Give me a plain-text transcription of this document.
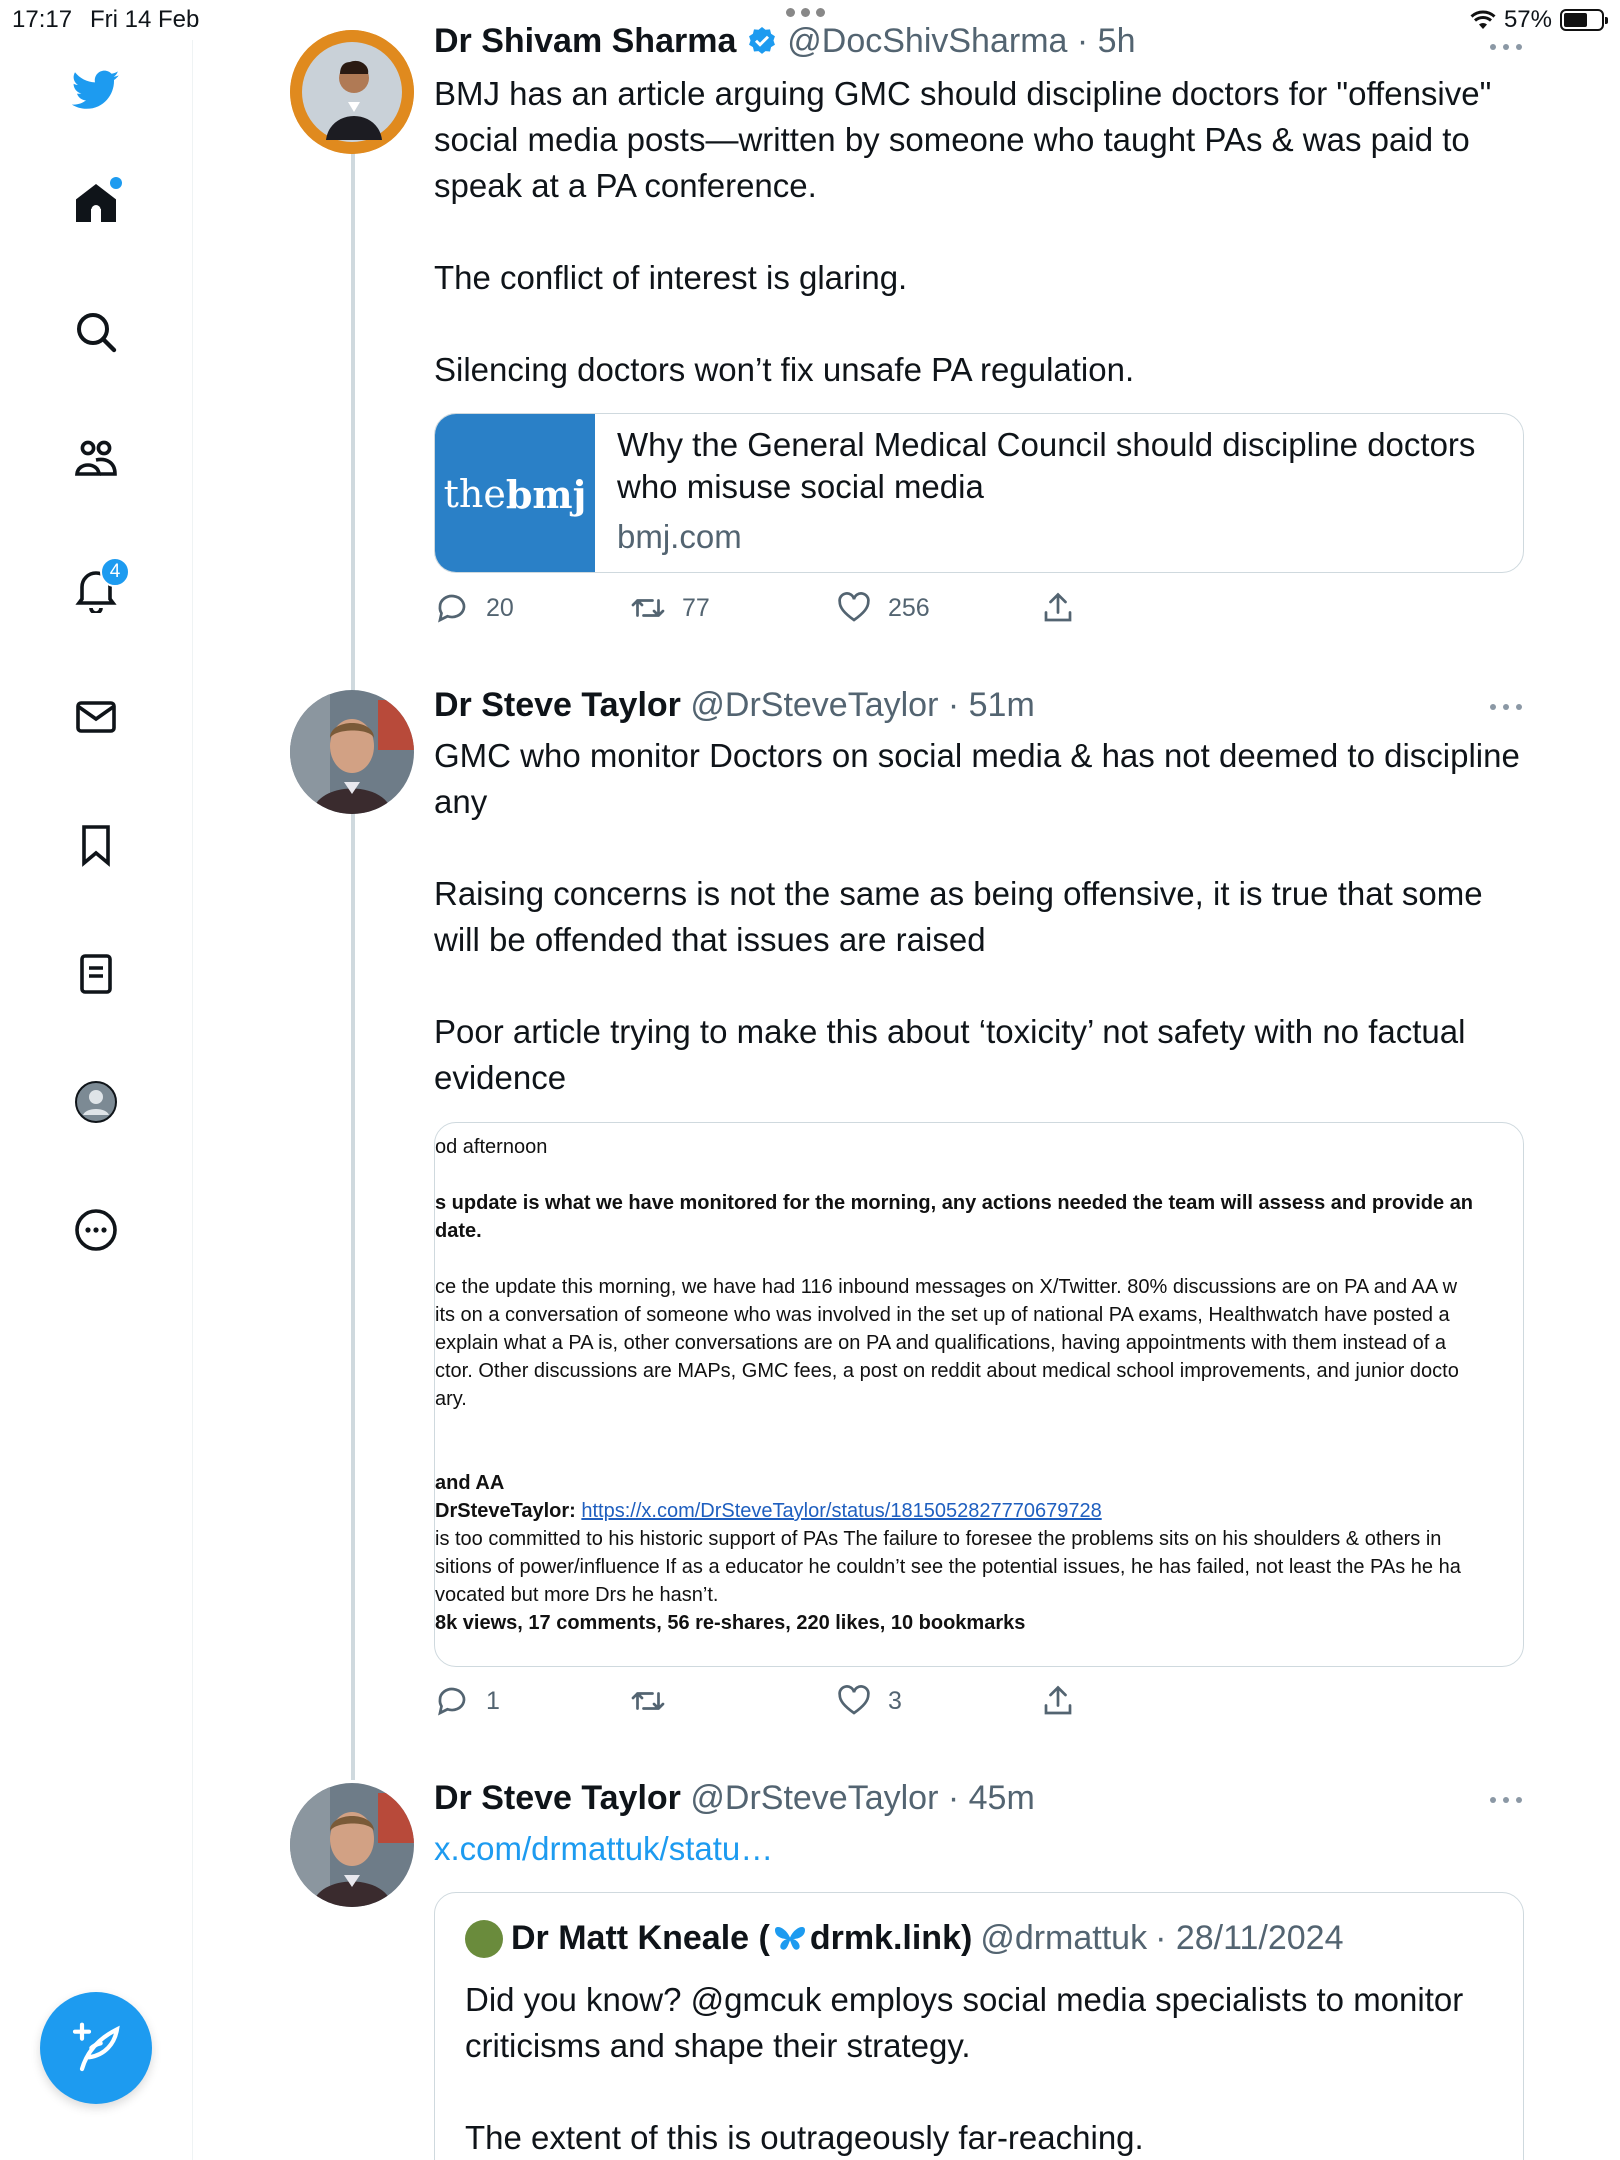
17:17 Fri 14 Feb	57%
4
Dr Shivam Sharma @DocShivSharma · 5h

BMJ has an article arguing GMC should discipline doctors for "offensive" social media posts—written by someone who taught PAs & was paid to speak at a PA conference.

The conflict of interest is glaring.

Silencing doctors won’t fix unsafe PA regulation.

the bmj
Why the General Medical Council should discipline doctors who misuse social media
bmj.com
20	77	256
Dr Steve Taylor @DrSteveTaylor · 51m

GMC who monitor Doctors on social media & has not deemed to discipline any

Raising concerns is not the same as being offensive, it is true that some will be offended that issues are raised

Poor article trying to make this about ‘toxicity’ not safety with no factual evidence

od afternoon
s update is what we have monitored for the morning, any actions needed the team will assess and provide an
date.
ce the update this morning, we have had 116 inbound messages on X/Twitter. 80% discussions are on PA and AA w
its on a conversation of someone who was involved in the set up of national PA exams, Healthwatch have posted a
explain what a PA is, other conversations are on PA and qualifications, having appointments with them instead of a
ctor. Other discussions are MAPs, GMC fees, a post on reddit about medical school improvements, and junior docto
ary.
and AA
DrSteveTaylor: https://x.com/DrSteveTaylor/status/1815052827770679728
is too committed to his historic support of PAs The failure to foresee the problems sits on his shoulders & others in
sitions of power/influence If as a educator he couldn’t see the potential issues, he has failed, not least the PAs he ha
vocated but more Drs he hasn’t.
8k views, 17 comments, 56 re-shares, 220 likes, 10 bookmarks
1	3
Dr Steve Taylor @DrSteveTaylor · 45m

x.com/drmattuk/statu…

Dr Matt Kneale ( drmk.link) @drmattuk · 28/11/2024

Did you know? @gmcuk employs social media specialists to monitor criticisms and shape their strategy.

The extent of this is outrageously far-reaching.
